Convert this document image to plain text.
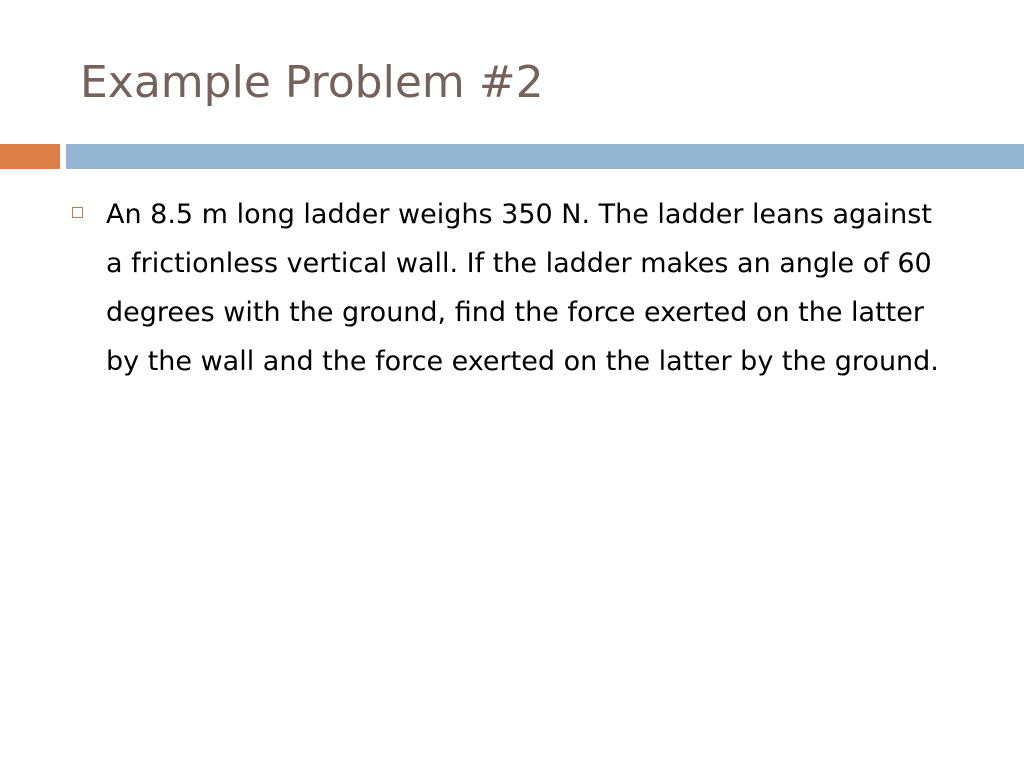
Example Problem #2

An 8.5 m long ladder weighs 350 N. The ladder leans against a frictionless vertical wall. If the ladder makes an angle of 60 degrees with the ground, find the force exerted on the latter by the wall and the force exerted on the latter by the ground.
